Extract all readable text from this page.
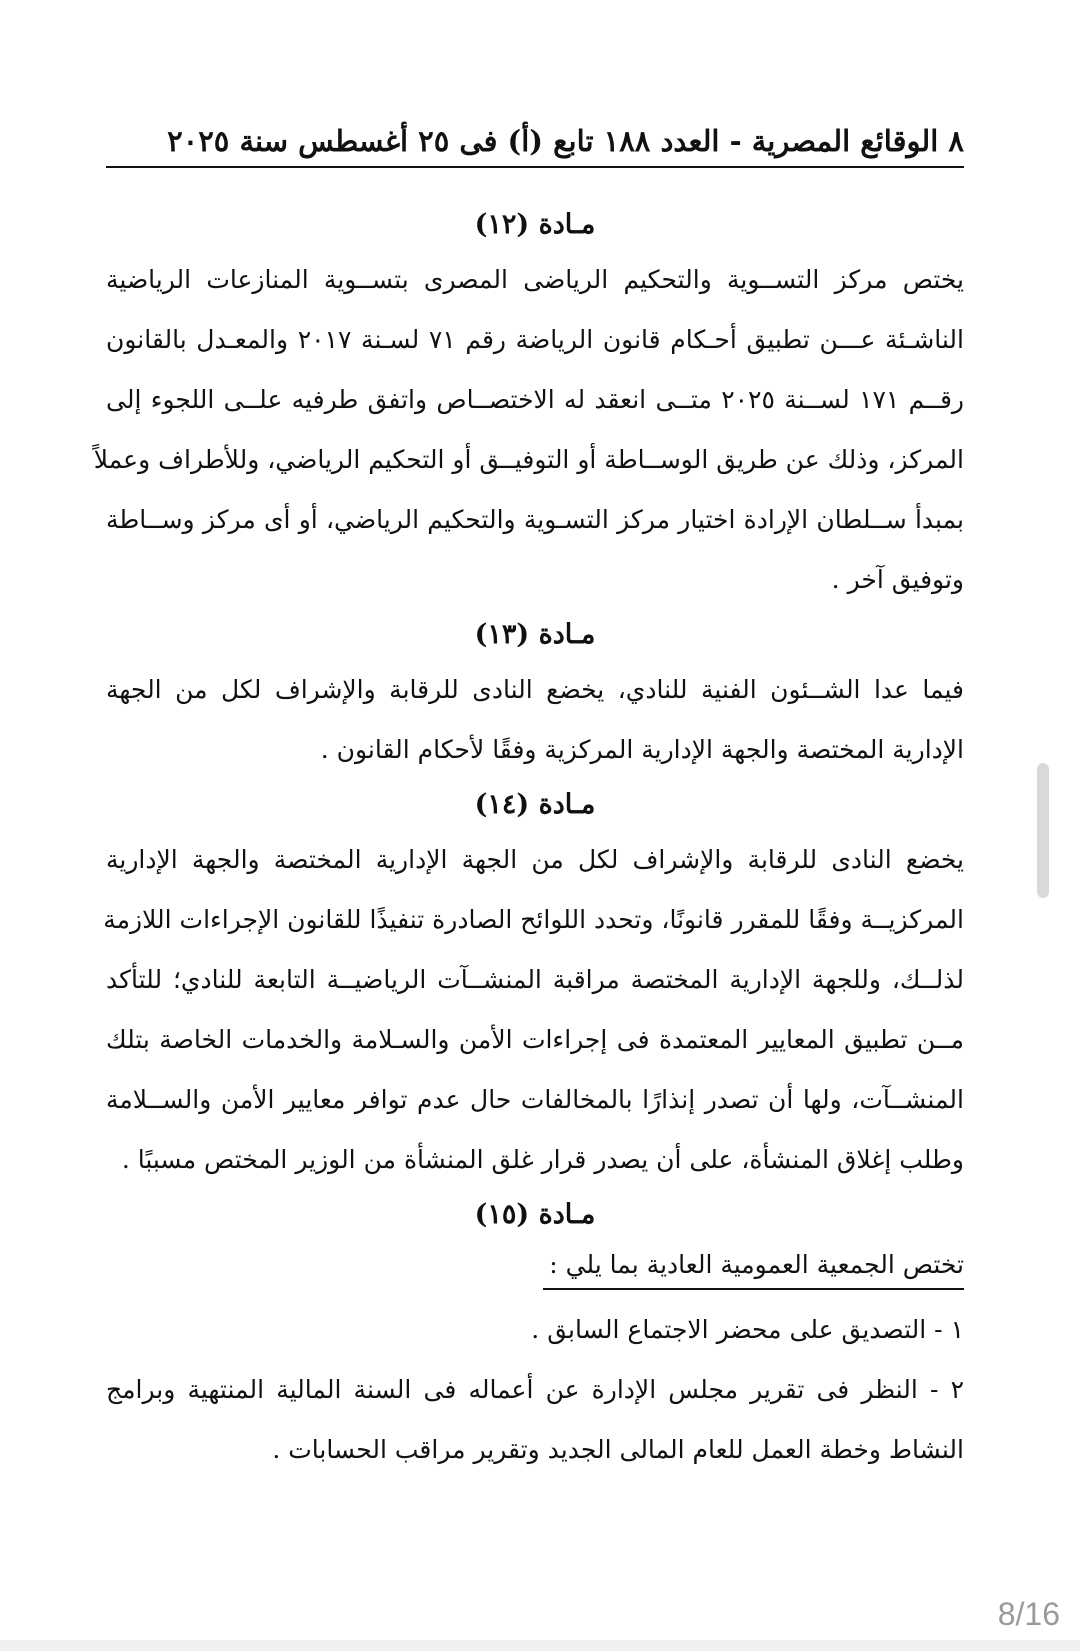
٨ الوقائع المصرية - العدد ١٨٨ تابع (أ) فى ٢٥ أغسطس سنة ٢٠٢٥
مـادة (١٢)
يختص مركز التســوية والتحكيم الرياضى المصرى بتســوية المنازعات الرياضية
الناشـئة عـــن تطبيق أحـكام قانون الرياضة رقم ٧١ لسـنة ٢٠١٧ والمعـدل بالقانون
رقــم ١٧١ لســنة ٢٠٢٥ متــى انعقد له الاختصــاص واتفق طرفيه علــى اللجوء إلى
المركز، وذلك عن طريق الوســاطة أو التوفيــق أو التحكيم الرياضي، وللأطراف وعملاً
بمبدأ ســلطان الإرادة اختيار مركز التسـوية والتحكيم الرياضي، أو أى مركز وســاطة
وتوفيق آخر .
مـادة (١٣)
فيما عدا الشــئون الفنية للنادي، يخضع النادى للرقابة والإشراف لكل من الجهة
الإدارية المختصة والجهة الإدارية المركزية وفقًا لأحكام القانون .
مـادة (١٤)
يخضع النادى للرقابة والإشراف لكل من الجهة الإدارية المختصة والجهة الإدارية
المركزيــة وفقًا للمقرر قانونًا، وتحدد اللوائح الصادرة تنفيذًا للقانون الإجراءات اللازمة
لذلــك، وللجهة الإدارية المختصة مراقبة المنشــآت الرياضيــة التابعة للنادي؛ للتأكد
مــن تطبيق المعايير المعتمدة فى إجراءات الأمن والسـلامة والخدمات الخاصة بتلك
المنشــآت، ولها أن تصدر إنذارًا بالمخالفات حال عدم توافر معايير الأمن والســلامة
وطلب إغلاق المنشأة، على أن يصدر قرار غلق المنشأة من الوزير المختص مسببًا .
مـادة (١٥)
تختص الجمعية العمومية العادية بما يلي :
١ - التصديق على محضر الاجتماع السابق .
٢ - النظر فى تقرير مجلس الإدارة عن أعماله فى السنة المالية المنتهية وبرامج
النشاط وخطة العمل للعام المالى الجديد وتقرير مراقب الحسابات .
8/16
